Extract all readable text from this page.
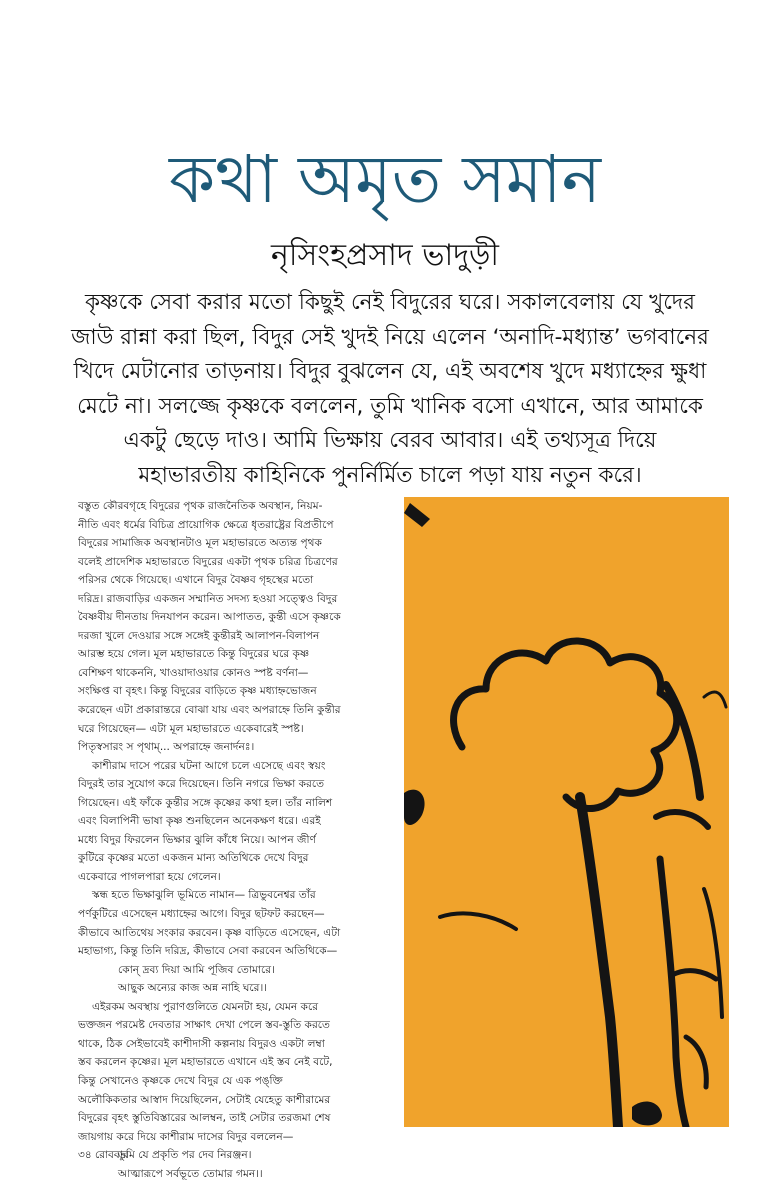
কথা অমৃত সমান
নৃসিংহপ্রসাদ ভাদুড়ী
কৃষ্ণকে সেবা করার মতো কিছুই নেই বিদুরের ঘরে। সকালবেলায় যে খুদের
জাউ রান্না করা ছিল, বিদুর সেই খুদই নিয়ে এলেন ‘অনাদি-মধ্যান্ত’ ভগবানের
খিদে মেটানোর তাড়নায়। বিদুর বুঝলেন যে, এই অবশেষ খুদে মধ্যাহ্নের ক্ষুধা
মেটে না। সলজ্জে কৃষ্ণকে বললেন, তুমি খানিক বসো এখানে, আর আমাকে
একটু ছেড়ে দাও। আমি ভিক্ষায় বেরব আবার। এই তথ্যসূত্র দিয়ে
মহাভারতীয় কাহিনিকে পুনর্নির্মিত চালে পড়া যায় নতুন করে।
বস্তুত কৌরবগৃহে বিদুরের পৃথক রাজনৈতিক অবস্থান, নিয়ম-
নীতি এবং ধর্মের বিচিত্র প্রায়োগিক ক্ষেত্রে ধৃতরাষ্ট্রের বিপ্রতীপে
বিদুরের সামাজিক অবস্থানটাও মূল মহাভারতে অত্যন্ত পৃথক
বলেই প্রাদেশিক মহাভারতে বিদুরের একটা পৃথক চরিত্র চিত্রণের
পরিসর থেকে গিয়েছে। এখানে বিদুর বৈষ্ণব গৃহস্থের মতো
দরিদ্র। রাজবাড়ির একজন সম্মানিত সদস্য হওয়া সত্ত্বেও বিদুর
বৈষ্ণবীয় দীনতায় দিনযাপন করেন। আপাতত, কুন্তী এসে কৃষ্ণকে
দরজা খুলে দেওয়ার সঙ্গে সঙ্গেই কুন্তীরই আলাপন-বিলাপন
আরম্ভ হয়ে গেল। মূল মহাভারতে কিন্তু বিদুরের ঘরে কৃষ্ণ
বেশিক্ষণ থাকেননি, খাওয়াদাওয়ার কোনও স্পষ্ট বর্ণনা—
সংক্ষিপ্ত বা বৃহৎ। কিন্তু বিদুরের বাড়িতে কৃষ্ণ মধ্যাহ্নভোজন
করেছেন এটা প্রকারান্তরে বোঝা যায় এবং অপরাহ্নে তিনি কুন্তীর
ঘরে গিয়েছেন— এটা মূল মহাভারতে একেবারেই স্পষ্ট।
পিতৃস্বসারং স পৃথাম্... অপরাহ্নে জনার্দনঃ।
কাশীরাম দাসে পরের ঘটনা আগে চলে এসেছে এবং স্বয়ং
বিদুরই তার সুযোগ করে দিয়েছেন। তিনি নগরে ভিক্ষা করতে
গিয়েছেন। এই ফাঁকে কুন্তীর সঙ্গে কৃষ্ণের কথা হল। তাঁর নালিশ
এবং বিলাপিনী ভাষা কৃষ্ণ শুনছিলেন অনেকক্ষণ ধরে। এরই
মধ্যে বিদুর ফিরলেন ভিক্ষার ঝুলি কাঁধে নিয়ে। আপন জীর্ণ
কুটিরে কৃষ্ণের মতো একজন মান্য অতিথিকে দেখে বিদুর
একেবারে পাগলপারা হয়ে গেলেন।
স্কন্ধ হতে ভিক্ষাঝুলি ভূমিতে নামান— ত্রিভুবনেশ্বর তাঁর
পর্ণকুটিরে এসেছেন মধ্যাহ্নের আগে। বিদুর ছটফট করছেন—
কীভাবে আতিথেয় সংকার করবেন। কৃষ্ণ বাড়িতে এসেছেন, এটা
মহাভাগ্য, কিন্তু তিনি দরিদ্র, কীভাবে সেবা করবেন অতিথিকে—
কোন্‌ দ্রব্য দিয়া আমি পূজিব তোমারে।
আছুক অন্যের কাজ অন্ন নাহি ঘরে।।
এইরকম অবস্থায় পুরাণগুলিতে যেমনটা হয়, যেমন করে
ভক্তজন পরমেষ্ট দেবতার সাক্ষাৎ দেখা পেলে স্তব-স্তুতি করতে
থাকে, ঠিক সেইভাবেই কাশীদাসী কল্পনায় বিদুরও একটা লম্বা
স্তব করলেন কৃষ্ণের। মূল মহাভারতে এখানে এই স্তব নেই বটে,
কিন্তু সেখানেও কৃষ্ণকে দেখে বিদুর যে এক পঙ্‌ক্তি
অলৌকিকতার আস্বাদ দিয়েছিলেন, সেটাই যেহেতু কাশীরামের
বিদুরের বৃহৎ স্তুতিবিস্তারের আলম্বন, তাই সেটার তরজমা শেষ
জায়গায় করে দিয়ে কাশীরাম দাসের বিদুর বললেন—
তুমি যে প্রকৃতি পর দেব নিরঞ্জন।
আত্মারূপে সর্বভূতে তোমার গমন।।
৩৪ রোববার
